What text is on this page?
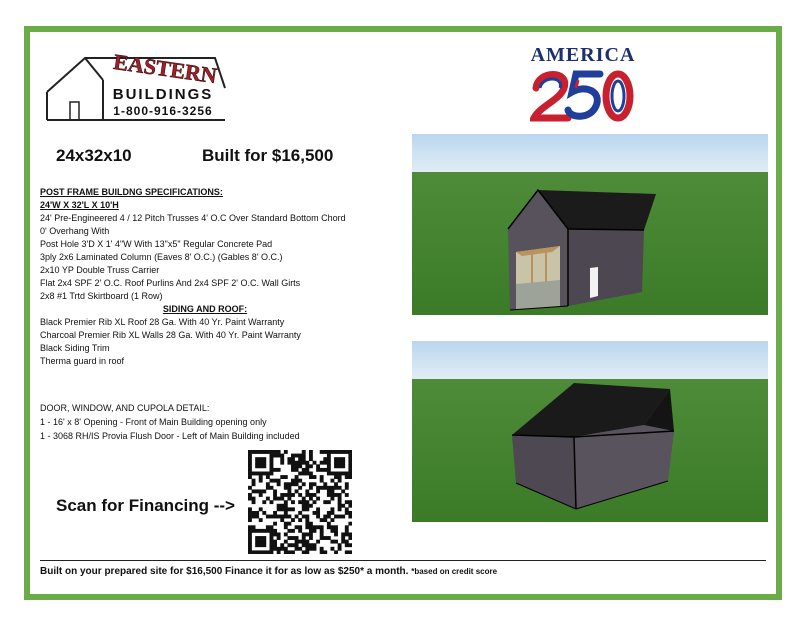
EASTERN
BUILDINGS
1-800-916-3256
AMERICA
250
24x32x10	Built for $16,500
POST FRAME BUILDNG SPECIFICATIONS:
24'W X 32'L X 10'H
24' Pre-Engineered 4 / 12 Pitch Trusses 4' O.C Over Standard Bottom Chord
0' Overhang With
Post Hole 3'D X 1' 4"W With 13"x5" Regular Concrete Pad
3ply 2x6 Laminated Column (Eaves 8' O.C.) (Gables 8' O.C.)
2x10 YP Double Truss Carrier
Flat 2x4 SPF 2' O.C. Roof Purlins And 2x4 SPF 2' O.C. Wall Girts
2x8 #1 Trtd Skirtboard (1 Row)
SIDING AND ROOF:
Black Premier Rib XL Roof 28 Ga. With 40 Yr. Paint Warranty
Charcoal Premier Rib XL Walls 28 Ga. With 40 Yr. Paint Warranty
Black Siding Trim
Therma guard in roof
DOOR, WINDOW, AND CUPOLA DETAIL:
1 - 16' x 8' Opening - Front of Main Building opening only
1 - 3068 RH/IS Provia Flush Door - Left of Main Building included
Scan for Financing -->
Built on your prepared site for $16,500 Finance it for as low as $250* a month. *based on credit score
